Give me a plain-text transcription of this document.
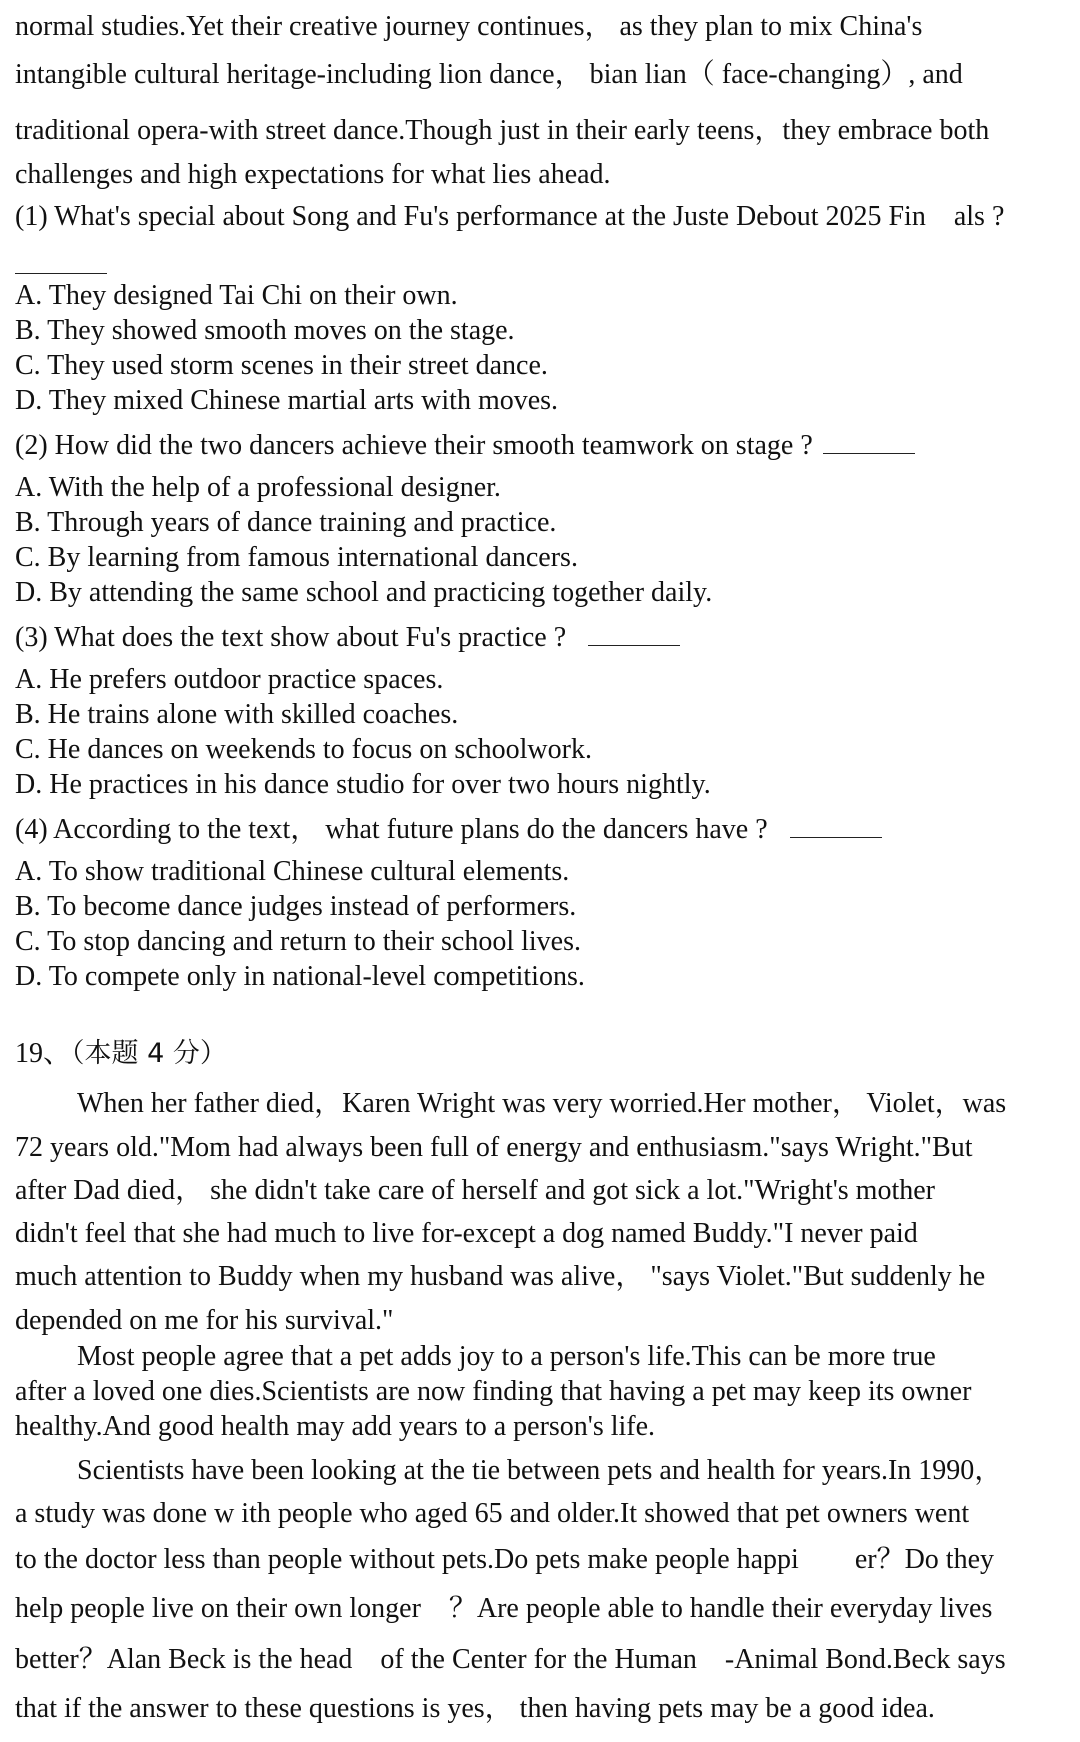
normal studies.Yet their creative journey continues， as they plan to mix China's
intangible cultural heritage-including lion dance， bian lian（ face-changing）, and
traditional opera-with street dance.Though just in their early teens，they embrace both
challenges and high expectations for what lies ahead.
(1) What's special about Song and Fu's performance at the Juste Debout 2025 Fin als ?
A. They designed Tai Chi on their own.
B. They showed smooth moves on the stage.
C. They used storm scenes in their street dance.
D. They mixed Chinese martial arts with moves.
(2) How did the two dancers achieve their smooth teamwork on stage ?
A. With the help of a professional designer.
B. Through years of dance training and practice.
C. By learning from famous international dancers.
D. By attending the same school and practicing together daily.
(3) What does the text show about Fu's practice ?
A. He prefers outdoor practice spaces.
B. He trains alone with skilled coaches.
C. He dances on weekends to focus on schoolwork.
D. He practices in his dance studio for over two hours nightly.
(4) According to the text， what future plans do the dancers have ?
A. To show traditional Chinese cultural elements.
B. To become dance judges instead of performers.
C. To stop dancing and return to their school lives.
D. To compete only in national-level competitions.
19、（本题 4 分）
When her father died，Karen Wright was very worried.Her mother， Violet，was
72 years old."Mom had always been full of energy and enthusiasm."says Wright."But
after Dad died， she didn't take care of herself and got sick a lot."Wright's mother
didn't feel that she had much to live for-except a dog named Buddy."I never paid
much attention to Buddy when my husband was alive， "says Violet."But suddenly he
depended on me for his survival."
Most people agree that a pet adds joy to a person's life.This can be more true
after a loved one dies.Scientists are now finding that having a pet may keep its owner
healthy.And good health may add years to a person's life.
Scientists have been looking at the tie between pets and health for years.In 1990，
a study was done w ith people who aged 65 and older.It showed that pet owners went
to the doctor less than people without pets.Do pets make people happi  er？Do they
help people live on their own longer ？Are people able to handle their everyday lives
better？Alan Beck is the head of the Center for the Human -Animal Bond.Beck says
that if the answer to these questions is yes， then having pets may be a good idea.
